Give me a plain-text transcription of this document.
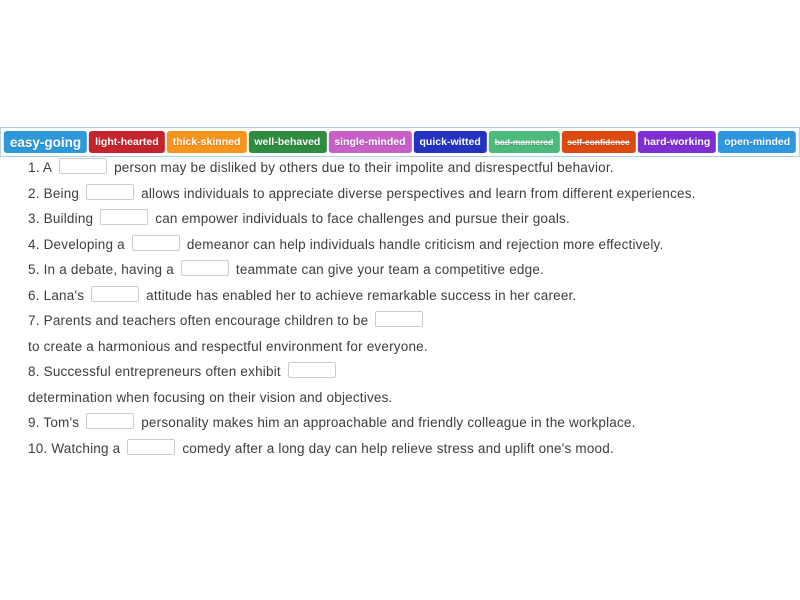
easy-going	light-hearted	thick-skinned	well-behaved	single-minded	quick-witted	bad-mannered	self-confidence	hard-working	open-minded
1. A	person may be disliked by others due to their impolite and disrespectful behavior.
2. Being	allows individuals to appreciate diverse perspectives and learn from different experiences.
3. Building	can empower individuals to face challenges and pursue their goals.
4. Developing a	demeanor can help individuals handle criticism and rejection more effectively.
5. In a debate, having a	teammate can give your team a competitive edge.
6. Lana's	attitude has enabled her to achieve remarkable success in her career.
7. Parents and teachers often encourage children to be
to create a harmonious and respectful environment for everyone.
8. Successful entrepreneurs often exhibit
determination when focusing on their vision and objectives.
9. Tom's	personality makes him an approachable and friendly colleague in the workplace.
10. Watching a	comedy after a long day can help relieve stress and uplift one's mood.
